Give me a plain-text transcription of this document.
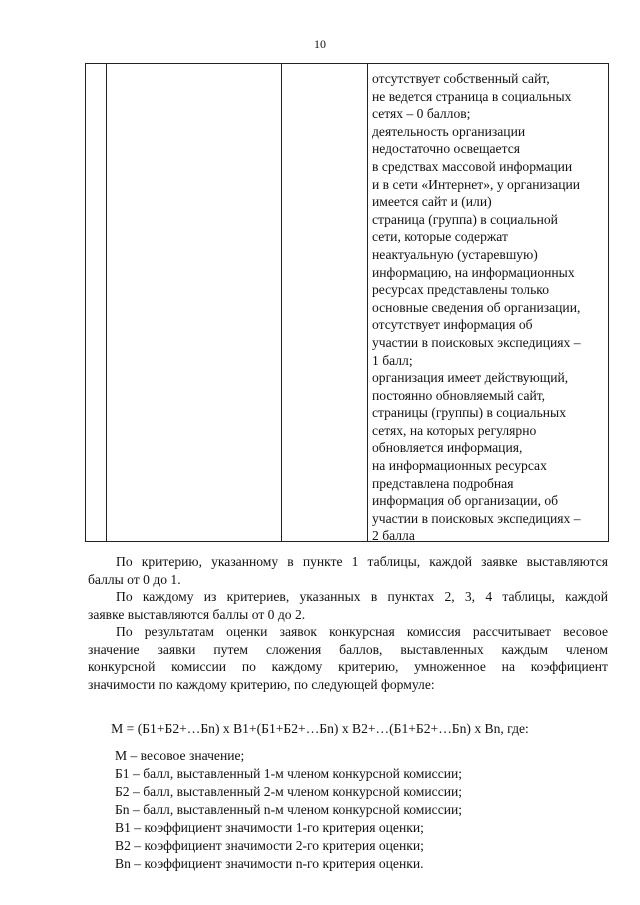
10
отсутствует собственный сайт,
не ведется страница в социальных
сетях – 0 баллов;
деятельность организации
недостаточно освещается
в средствах массовой информации
и в сети «Интернет», у организации
имеется сайт и (или)
страница (группа) в социальной
сети, которые содержат
неактуальную (устаревшую)
информацию, на информационных
ресурсах представлены только
основные сведения об организации,
отсутствует информация об
участии в поисковых экспедициях –
1 балл;
организация имеет действующий,
постоянно обновляемый сайт,
страницы (группы) в социальных
сетях, на которых регулярно
обновляется информация,
на информационных ресурсах
представлена подробная
информация об организации, об
участии в поисковых экспедициях –
2 балла
По критерию, указанному в пункте 1 таблицы, каждой заявке выставляются
баллы от 0 до 1.
По каждому из критериев, указанных в пунктах 2, 3, 4 таблицы, каждой
заявке выставляются баллы от 0 до 2.
По результатам оценки заявок конкурсная комиссия рассчитывает весовое
значение заявки путем сложения баллов, выставленных каждым членом
конкурсной комиссии по каждому критерию, умноженное на коэффициент
значимости по каждому критерию, по следующей формуле:
M = (Б1+Б2+…Бn) x B1+(Б1+Б2+…Бn) x B2+…(Б1+Б2+…Бn) x Bn, где:
M – весовое значение;
Б1 – балл, выставленный 1-м членом конкурсной комиссии;
Б2 – балл, выставленный 2-м членом конкурсной комиссии;
Бn – балл, выставленный n-м членом конкурсной комиссии;
B1 – коэффициент значимости 1-го критерия оценки;
B2 – коэффициент значимости 2-го критерия оценки;
Bn – коэффициент значимости n-го критерия оценки.
